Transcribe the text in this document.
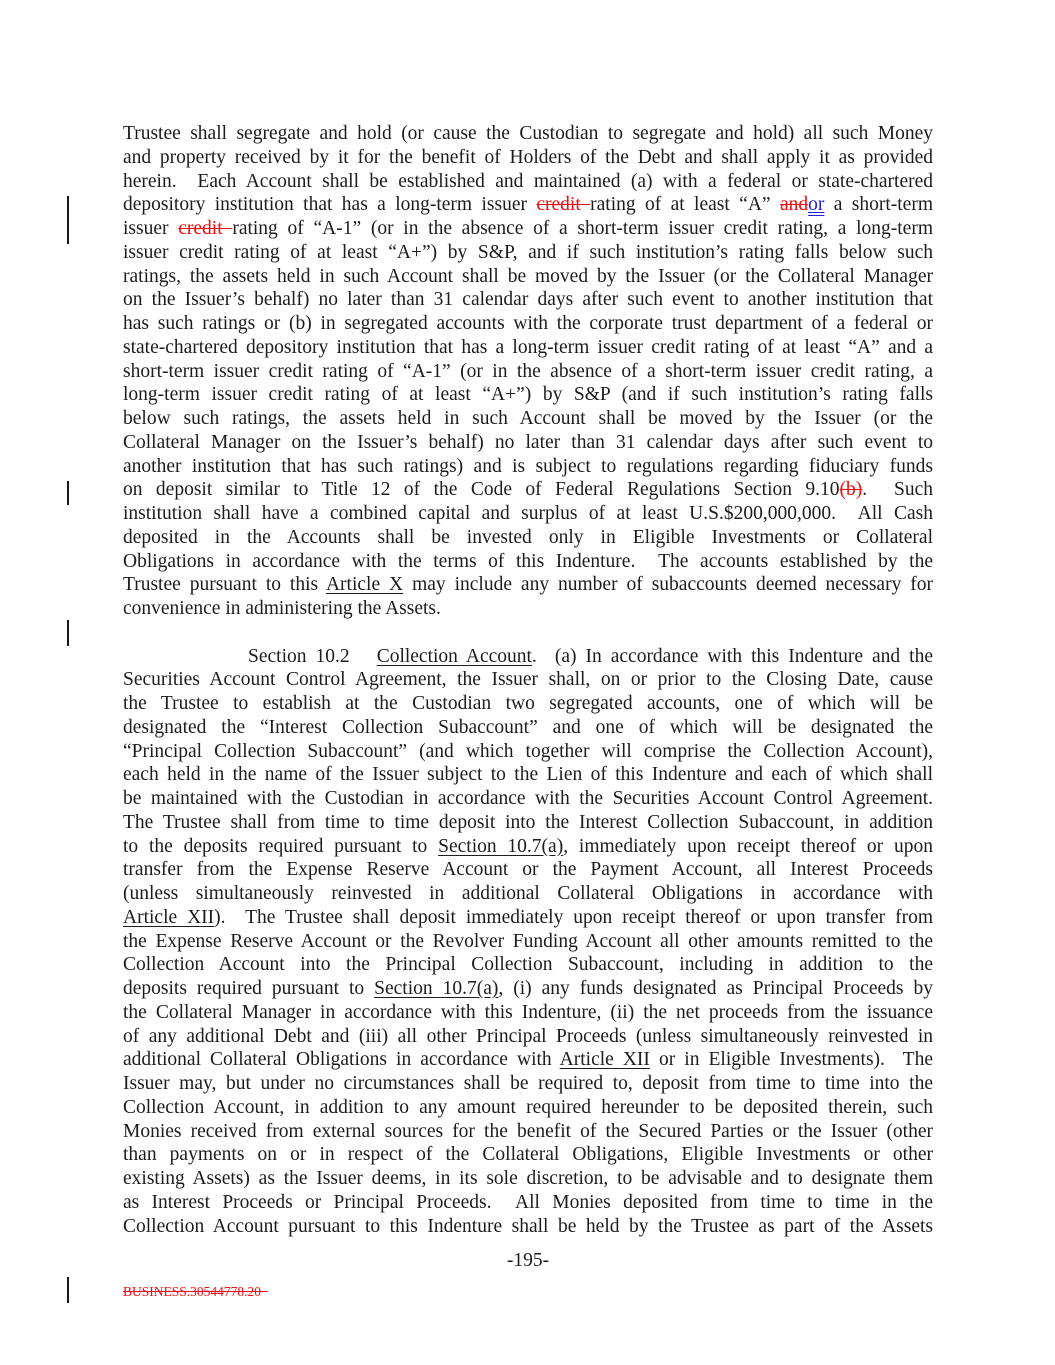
Trustee shall segregate and hold (or cause the Custodian to segregate and hold) all such Money
and property received by it for the benefit of Holders of the Debt and shall apply it as provided
herein.  Each Account shall be established and maintained (a) with a federal or state-chartered
depository institution that has a long-term issuer credit rating of at least “A” andor a short-term
issuer credit rating of “A-1” (or in the absence of a short-term issuer credit rating, a long-term
issuer credit rating of at least “A+”) by S&P, and if such institution’s rating falls below such
ratings, the assets held in such Account shall be moved by the Issuer (or the Collateral Manager
on the Issuer’s behalf) no later than 31 calendar days after such event to another institution that
has such ratings or (b) in segregated accounts with the corporate trust department of a federal or
state-chartered depository institution that has a long-term issuer credit rating of at least “A” and a
short-term issuer credit rating of “A-1” (or in the absence of a short-term issuer credit rating, a
long-term issuer credit rating of at least “A+”) by S&P (and if such institution’s rating falls
below such ratings, the assets held in such Account shall be moved by the Issuer (or the
Collateral Manager on the Issuer’s behalf) no later than 31 calendar days after such event to
another institution that has such ratings) and is subject to regulations regarding fiduciary funds
on deposit similar to Title 12 of the Code of Federal Regulations Section 9.10(b).  Such
institution shall have a combined capital and surplus of at least U.S.$200,000,000.  All Cash
deposited in the Accounts shall be invested only in Eligible Investments or Collateral
Obligations in accordance with the terms of this Indenture.  The accounts established by the
Trustee pursuant to this Article X may include any number of subaccounts deemed necessary for
convenience in administering the Assets.
Section 10.2 Collection Account.  (a) In accordance with this Indenture and the
Securities Account Control Agreement, the Issuer shall, on or prior to the Closing Date, cause
the Trustee to establish at the Custodian two segregated accounts, one of which will be
designated the “Interest Collection Subaccount” and one of which will be designated the
“Principal Collection Subaccount” (and which together will comprise the Collection Account),
each held in the name of the Issuer subject to the Lien of this Indenture and each of which shall
be maintained with the Custodian in accordance with the Securities Account Control Agreement.
The Trustee shall from time to time deposit into the Interest Collection Subaccount, in addition
to the deposits required pursuant to Section 10.7(a), immediately upon receipt thereof or upon
transfer from the Expense Reserve Account or the Payment Account, all Interest Proceeds
(unless simultaneously reinvested in additional Collateral Obligations in accordance with
Article XII).  The Trustee shall deposit immediately upon receipt thereof or upon transfer from
the Expense Reserve Account or the Revolver Funding Account all other amounts remitted to the
Collection Account into the Principal Collection Subaccount, including in addition to the
deposits required pursuant to Section 10.7(a), (i) any funds designated as Principal Proceeds by
the Collateral Manager in accordance with this Indenture, (ii) the net proceeds from the issuance
of any additional Debt and (iii) all other Principal Proceeds (unless simultaneously reinvested in
additional Collateral Obligations in accordance with Article XII or in Eligible Investments).  The
Issuer may, but under no circumstances shall be required to, deposit from time to time into the
Collection Account, in addition to any amount required hereunder to be deposited therein, such
Monies received from external sources for the benefit of the Secured Parties or the Issuer (other
than payments on or in respect of the Collateral Obligations, Eligible Investments or other
existing Assets) as the Issuer deems, in its sole discretion, to be advisable and to designate them
as Interest Proceeds or Principal Proceeds.  All Monies deposited from time to time in the
Collection Account pursuant to this Indenture shall be held by the Trustee as part of the Assets
-195-
BUSINESS.30544778.20
